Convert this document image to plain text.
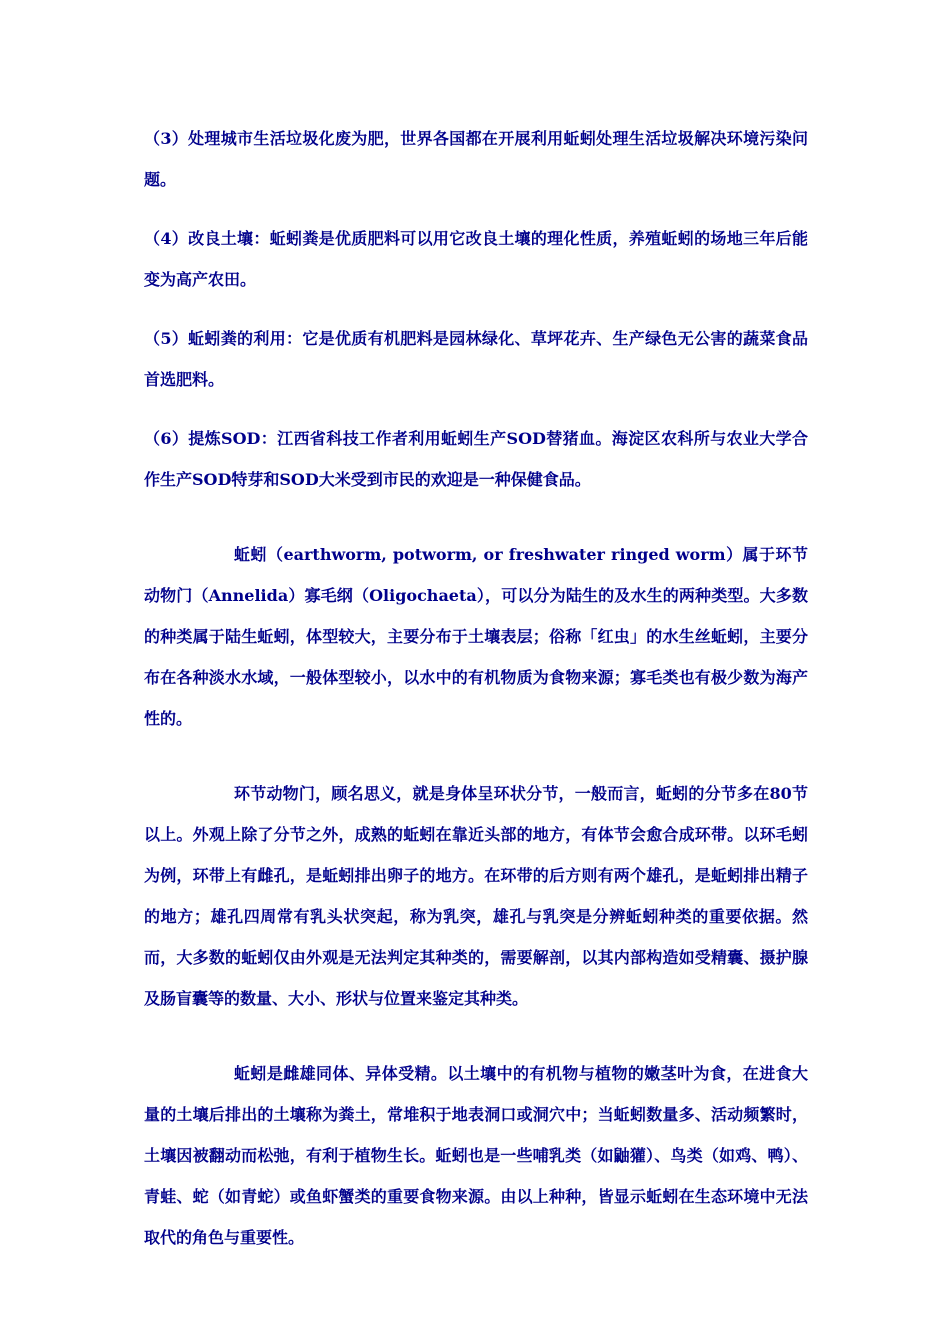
（3）处理城市生活垃圾化废为肥，世界各国都在开展利用蚯蚓处理生活垃圾解决环境污染问题。

（4）改良土壤：蚯蚓粪是优质肥料可以用它改良土壤的理化性质，养殖蚯蚓的场地三年后能变为高产农田。

（5）蚯蚓粪的利用：它是优质有机肥料是园林绿化、草坪花卉、生产绿色无公害的蔬菜食品首选肥料。

（6）提炼SOD：江西省科技工作者利用蚯蚓生产SOD替猪血。海淀区农科所与农业大学合作生产SOD特芽和SOD大米受到市民的欢迎是一种保健食品。

蚯蚓（earthworm, potworm, or freshwater ringed worm）属于环节动物门（Annelida）寡毛纲（Oligochaeta），可以分为陆生的及水生的两种类型。大多数的种类属于陆生蚯蚓，体型较大，主要分布于土壤表层；俗称「红虫」的水生丝蚯蚓，主要分布在各种淡水水域，一般体型较小，以水中的有机物质为食物来源；寡毛类也有极少数为海产性的。

环节动物门，顾名思义，就是身体呈环状分节，一般而言，蚯蚓的分节多在80节以上。外观上除了分节之外，成熟的蚯蚓在靠近头部的地方，有体节会愈合成环带。以环毛蚓为例，环带上有雌孔，是蚯蚓排出卵子的地方。在环带的后方则有两个雄孔，是蚯蚓排出精子的地方；雄孔四周常有乳头状突起，称为乳突，雄孔与乳突是分辨蚯蚓种类的重要依据。然而，大多数的蚯蚓仅由外观是无法判定其种类的，需要解剖，以其内部构造如受精囊、摄护腺及肠盲囊等的数量、大小、形状与位置来鉴定其种类。

蚯蚓是雌雄同体、异体受精。以土壤中的有机物与植物的嫩茎叶为食，在进食大量的土壤后排出的土壤称为粪土，常堆积于地表洞口或洞穴中；当蚯蚓数量多、活动频繁时，土壤因被翻动而松弛，有利于植物生长。蚯蚓也是一些哺乳类（如鼬獾）、鸟类（如鸡、鸭）、青蛙、蛇（如青蛇）或鱼虾蟹类的重要食物来源。由以上种种，皆显示蚯蚓在生态环境中无法取代的角色与重要性。
